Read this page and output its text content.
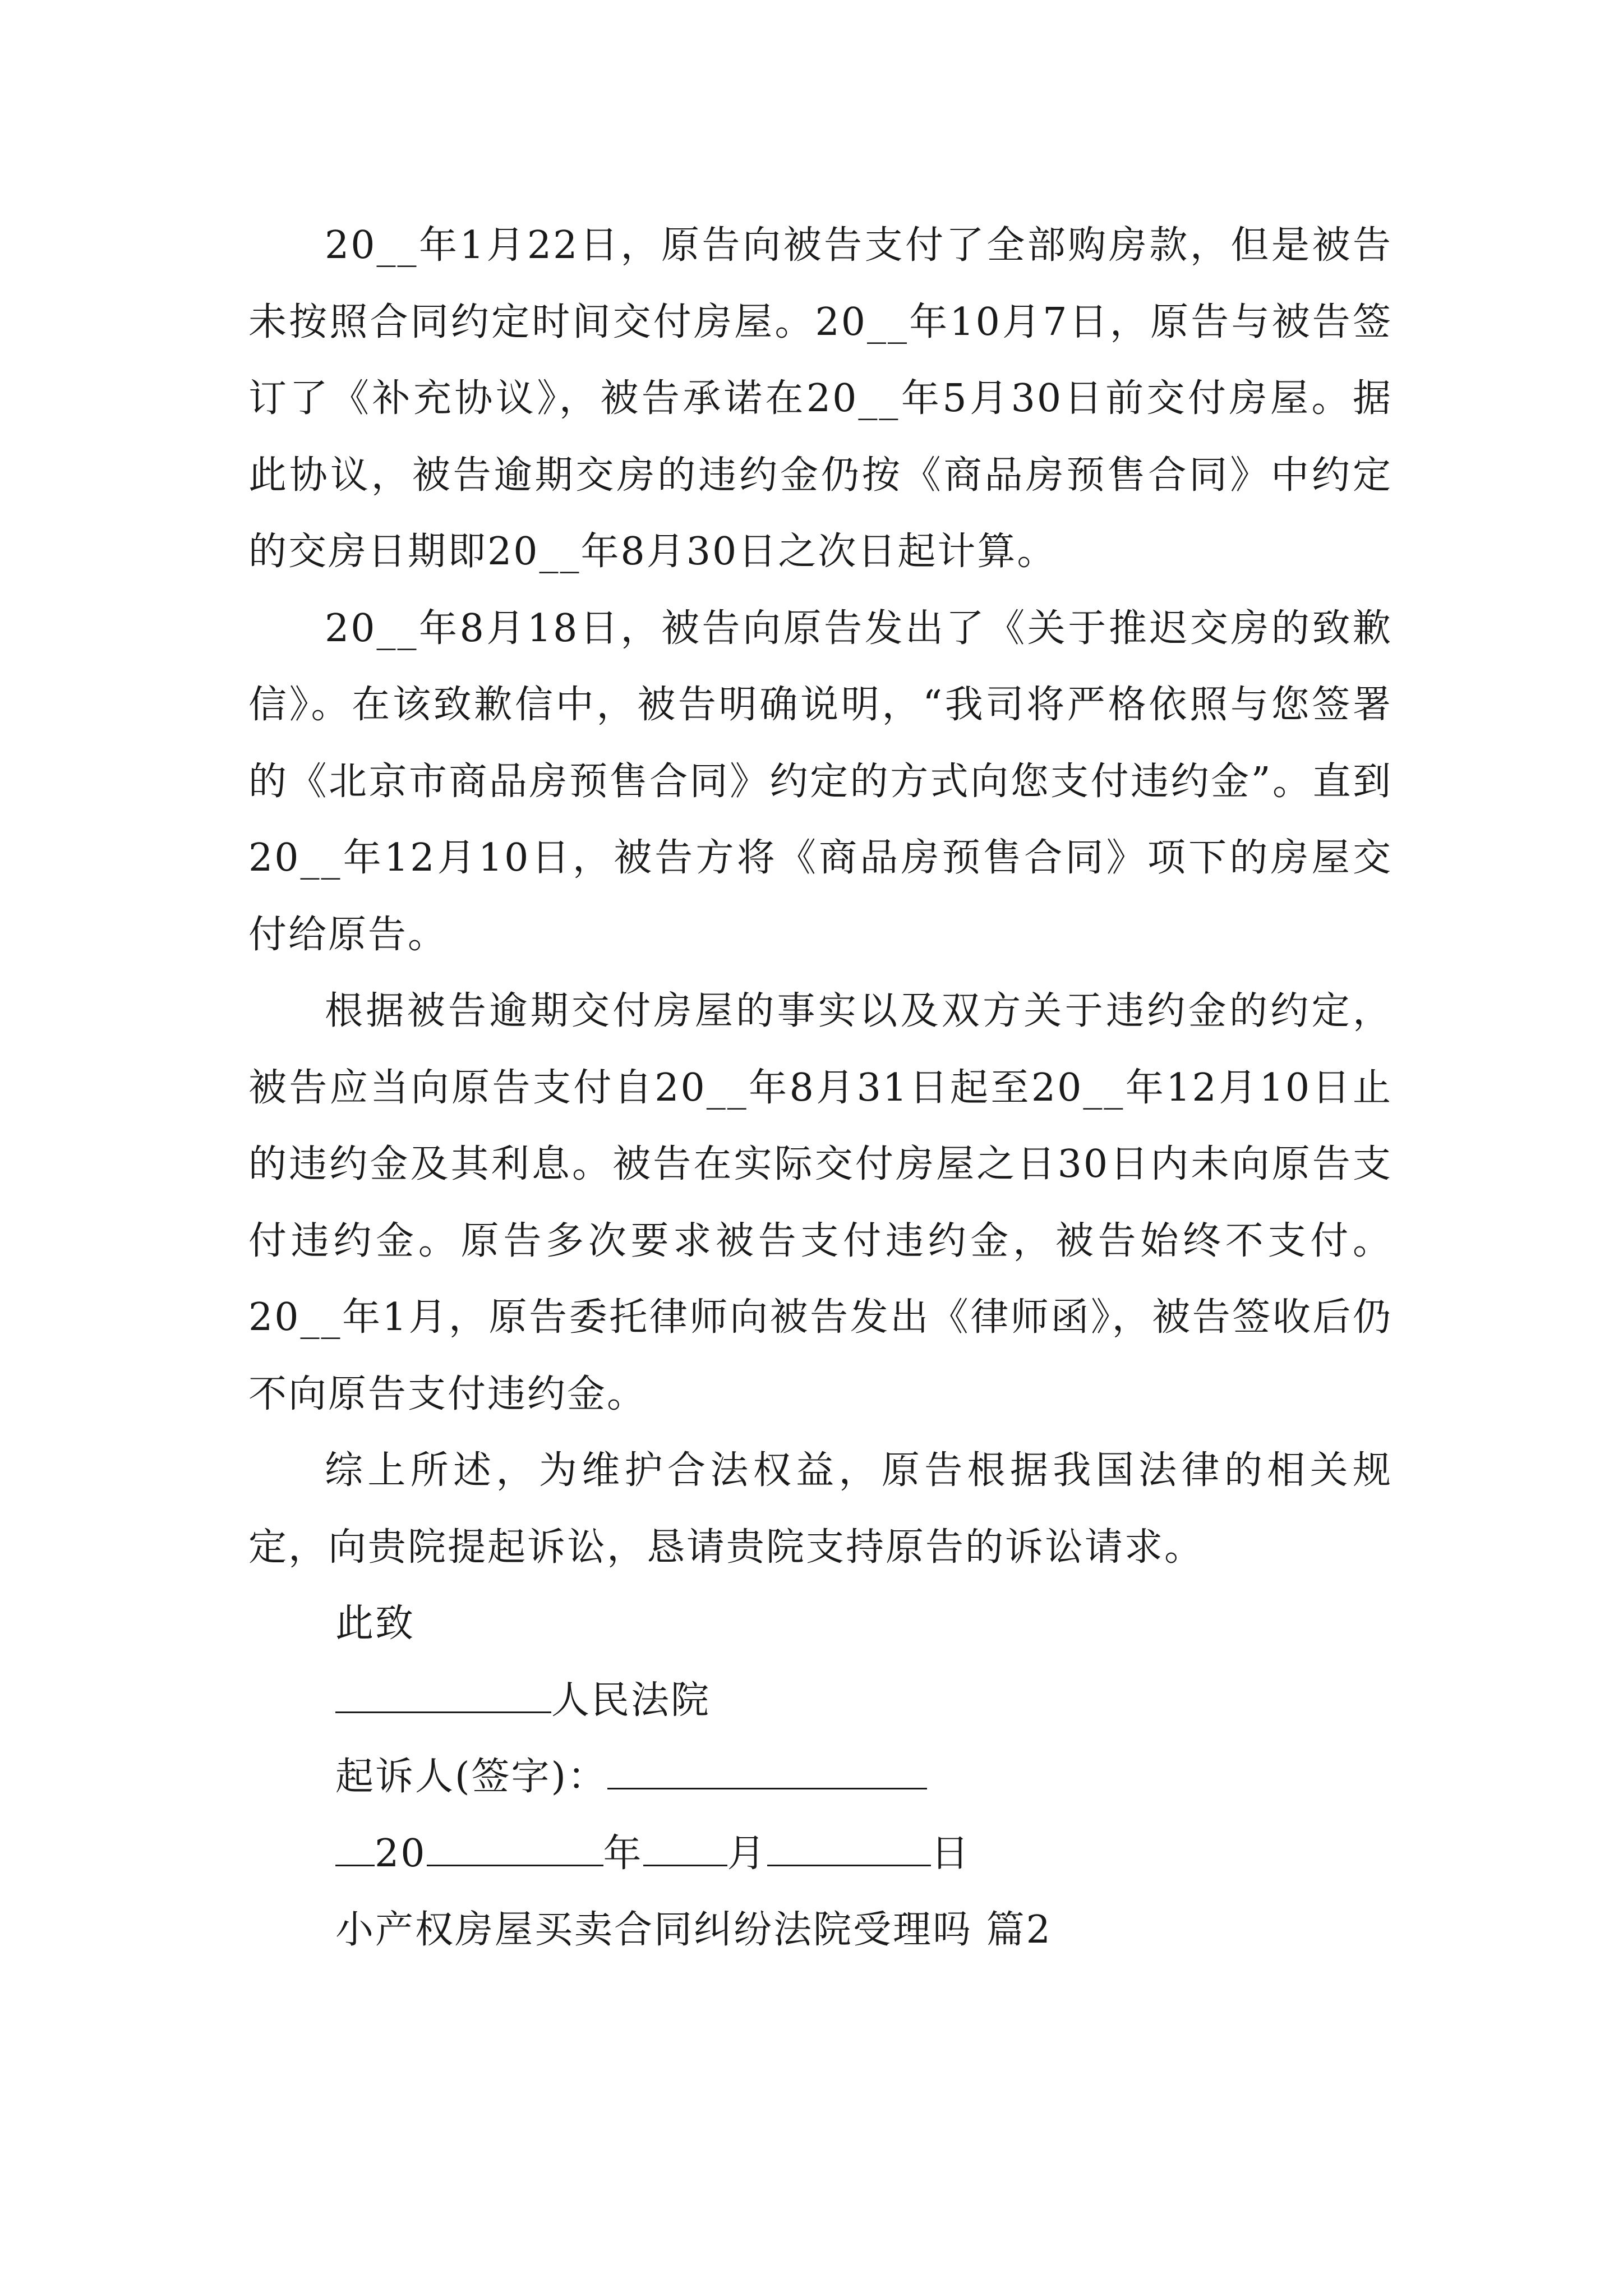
20__年1月22日，原告向被告支付了全部购房款，但是被告未按照合同约定时间交付房屋。20__年10月7日，原告与被告签订了《补充协议》，被告承诺在20__年5月30日前交付房屋。据此协议，被告逾期交房的违约金仍按《商品房预售合同》中约定的交房日期即20__年8月30日之次日起计算。

20__年8月18日，被告向原告发出了《关于推迟交房的致歉信》。在该致歉信中，被告明确说明，“我司将严格依照与您签署的《北京市商品房预售合同》约定的方式向您支付违约金”。直到20__年12月10日，被告方将《商品房预售合同》项下的房屋交付给原告。

根据被告逾期交付房屋的事实以及双方关于违约金的约定，被告应当向原告支付自20__年8月31日起至20__年12月10日止的违约金及其利息。被告在实际交付房屋之日30日内未向原告支付违约金。原告多次要求被告支付违约金，被告始终不支付。20__年1月，原告委托律师向被告发出《律师函》，被告签收后仍不向原告支付违约金。

综上所述，为维护合法权益，原告根据我国法律的相关规定，向贵院提起诉讼，恳请贵院支持原告的诉讼请求。

此致

人民法院

起诉人(签字)：

20	年 月	日

小产权房屋买卖合同纠纷法院受理吗 篇2
